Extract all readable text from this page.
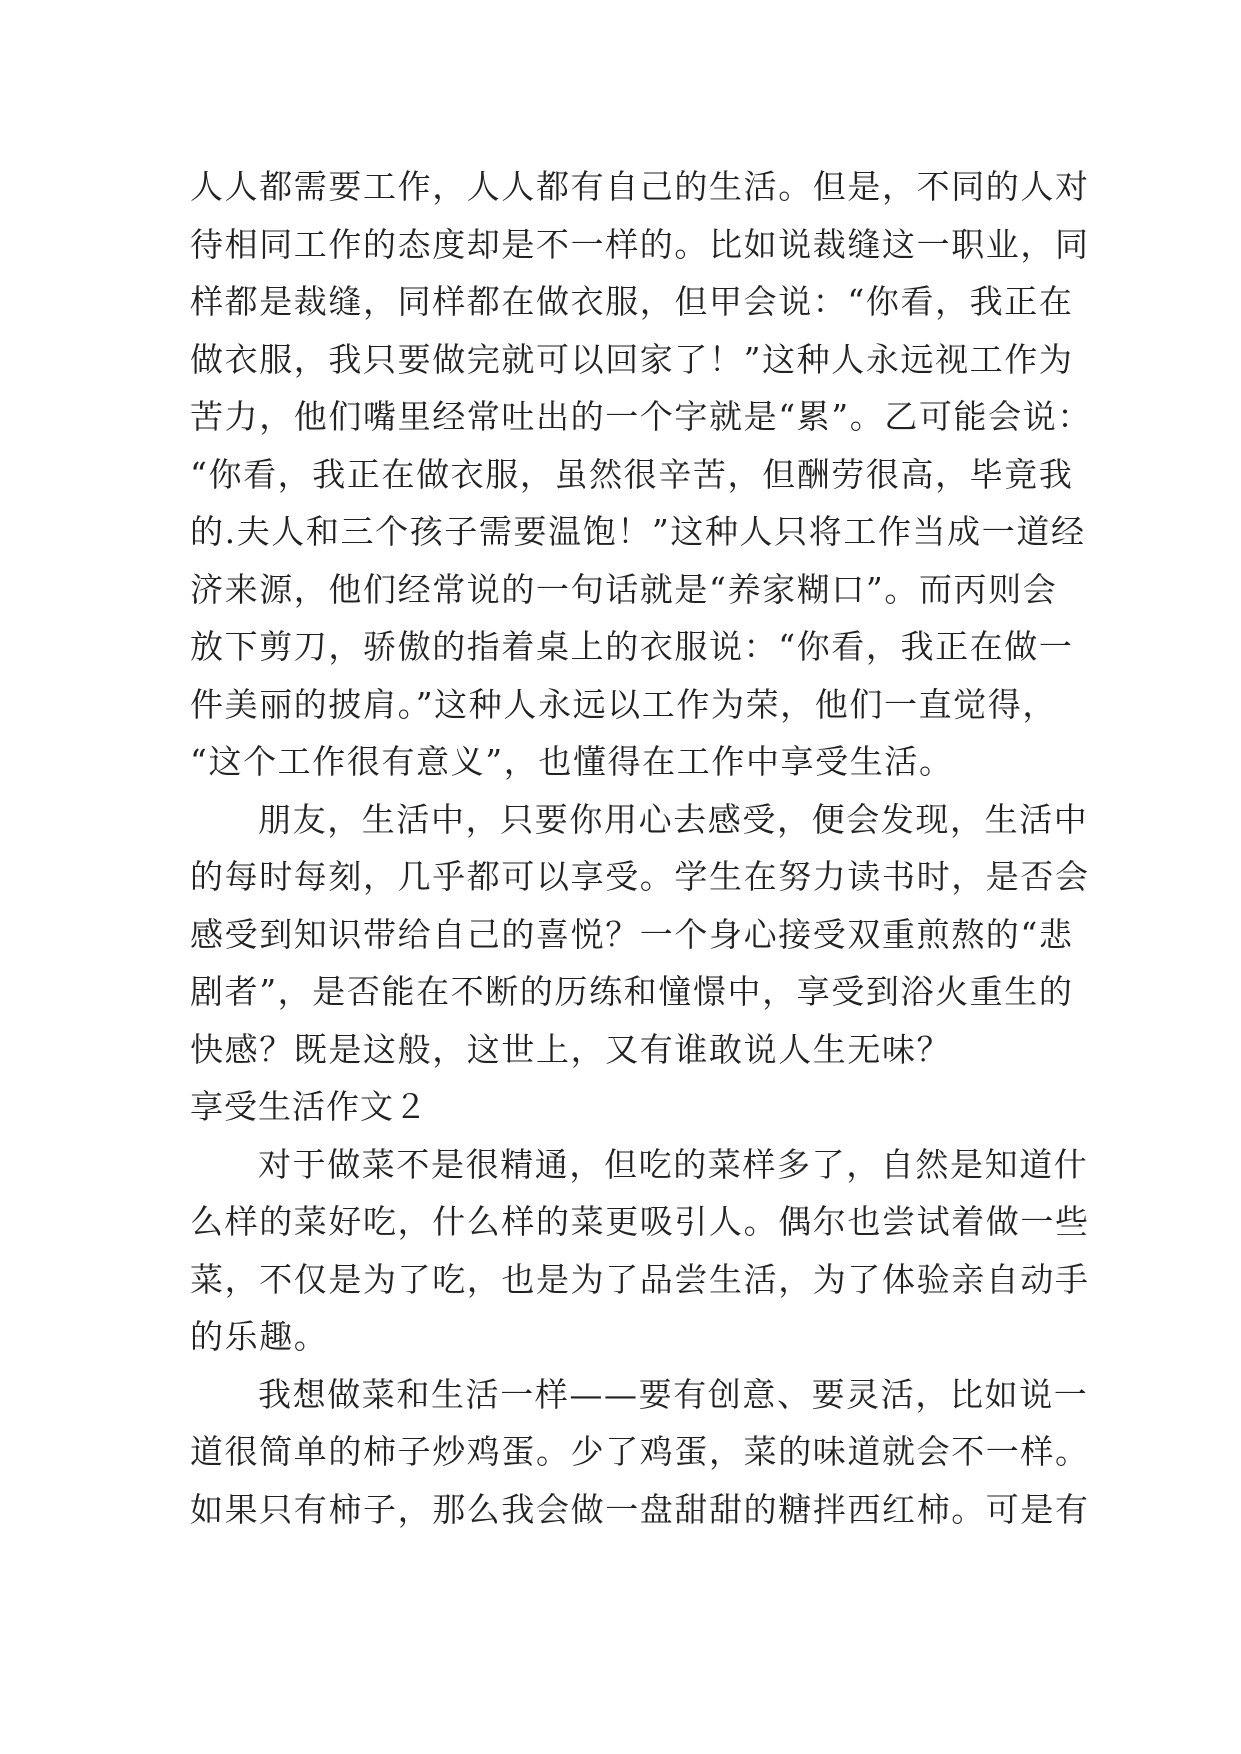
人人都需要工作，人人都有自己的生活。但是，不同的人对
待相同工作的态度却是不一样的。比如说裁缝这一职业，同
样都是裁缝，同样都在做衣服，但甲会说：“你看，我正在
做衣服，我只要做完就可以回家了！”这种人永远视工作为
苦力，他们嘴里经常吐出的一个字就是“累”。乙可能会说：
“你看，我正在做衣服，虽然很辛苦，但酬劳很高，毕竟我
的.夫人和三个孩子需要温饱！”这种人只将工作当成一道经
济来源，他们经常说的一句话就是“养家糊口”。而丙则会
放下剪刀，骄傲的指着桌上的衣服说：“你看，我正在做一
件美丽的披肩。”这种人永远以工作为荣，他们一直觉得，
“这个工作很有意义”，也懂得在工作中享受生活。
朋友，生活中，只要你用心去感受，便会发现，生活中
的每时每刻，几乎都可以享受。学生在努力读书时，是否会
感受到知识带给自己的喜悦？一个身心接受双重煎熬的“悲
剧者”，是否能在不断的历练和憧憬中，享受到浴火重生的
快感？既是这般，这世上，又有谁敢说人生无味？
享受生活作文２
对于做菜不是很精通，但吃的菜样多了，自然是知道什
么样的菜好吃，什么样的菜更吸引人。偶尔也尝试着做一些
菜，不仅是为了吃，也是为了品尝生活，为了体验亲自动手
的乐趣。
我想做菜和生活一样——要有创意、要灵活，比如说一
道很简单的柿子炒鸡蛋。少了鸡蛋，菜的味道就会不一样。
如果只有柿子，那么我会做一盘甜甜的糖拌西红柿。可是有
